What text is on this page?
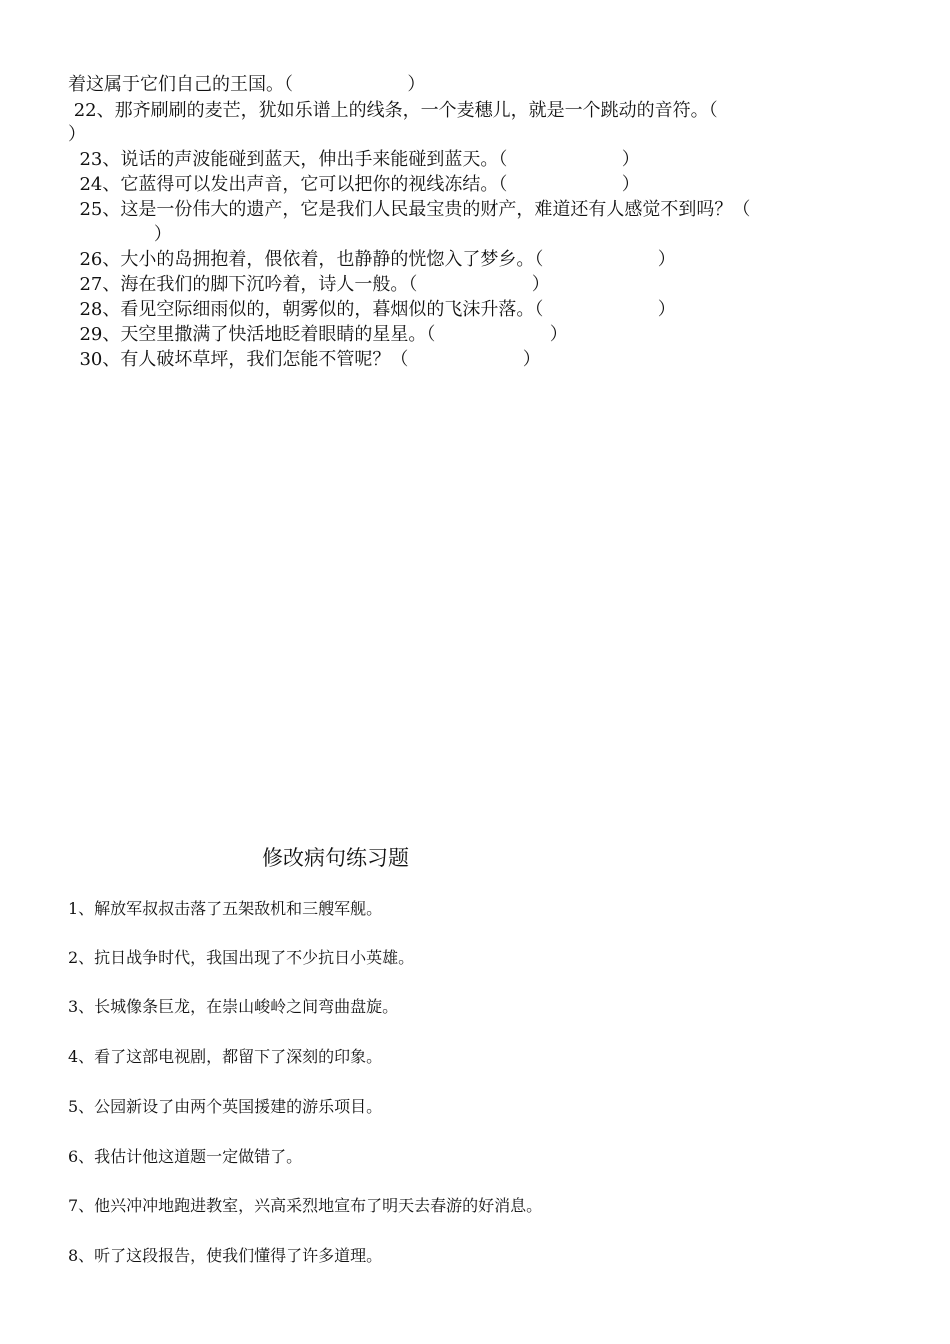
着这属于它们自己的王国。（                    ）
22、那齐刷刷的麦芒，犹如乐谱上的线条，一个麦穗儿，就是一个跳动的音符。（
）
23、说话的声波能碰到蓝天，伸出手来能碰到蓝天。（                    ）
24、它蓝得可以发出声音，它可以把你的视线冻结。（                    ）
25、这是一份伟大的遗产，它是我们人民最宝贵的财产，难道还有人感觉不到吗？（
）
26、大小的岛拥抱着，偎依着，也静静的恍惚入了梦乡。（                    ）
27、海在我们的脚下沉吟着，诗人一般。（                    ）
28、看见空际细雨似的，朝雾似的，暮烟似的飞沫升落。（                    ）
29、天空里撒满了快活地眨着眼睛的星星。（                    ）
30、有人破坏草坪，我们怎能不管呢？（                    ）
修改病句练习题
1、解放军叔叔击落了五架敌机和三艘军舰。
2、抗日战争时代，我国出现了不少抗日小英雄。
3、长城像条巨龙，在崇山峻岭之间弯曲盘旋。
4、看了这部电视剧，都留下了深刻的印象。
5、公园新设了由两个英国援建的游乐项目。
6、我估计他这道题一定做错了。
7、他兴冲冲地跑进教室，兴高采烈地宣布了明天去春游的好消息。
8、听了这段报告，使我们懂得了许多道理。
